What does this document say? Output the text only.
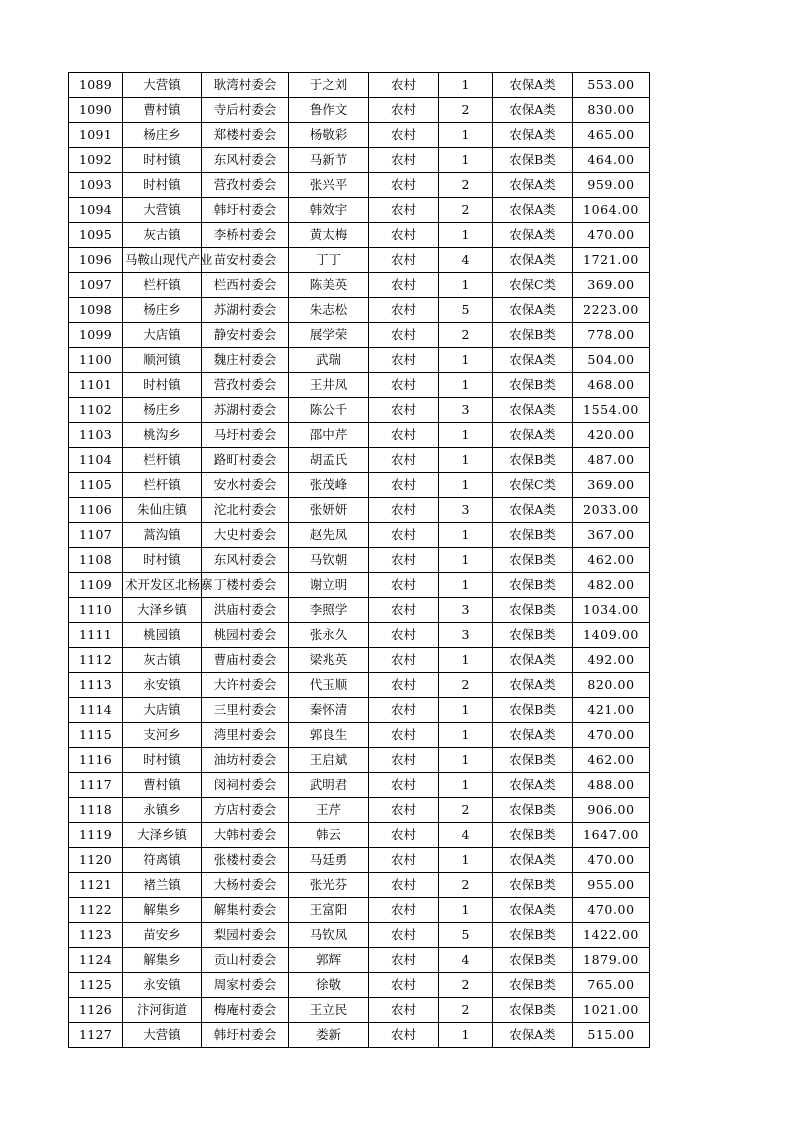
1089	大营镇	耿湾村委会	于之刘	农村	1	农保A类	553.00
1090	曹村镇	寺后村委会	鲁作文	农村	2	农保A类	830.00
1091	杨庄乡	郑楼村委会	杨敬彩	农村	1	农保A类	465.00
1092	时村镇	东风村委会	马新节	农村	1	农保B类	464.00
1093	时村镇	营孜村委会	张兴平	农村	2	农保A类	959.00
1094	大营镇	韩圩村委会	韩效宇	农村	2	农保A类	1064.00
1095	灰古镇	李桥村委会	黄太梅	农村	1	农保A类	470.00
1096	马鞍山现代产业	苗安村委会	丁丁	农村	4	农保A类	1721.00
1097	栏杆镇	栏西村委会	陈美英	农村	1	农保C类	369.00
1098	杨庄乡	苏湖村委会	朱志松	农村	5	农保A类	2223.00
1099	大店镇	静安村委会	展学荣	农村	2	农保B类	778.00
1100	顺河镇	魏庄村委会	武瑞	农村	1	农保A类	504.00
1101	时村镇	营孜村委会	王井凤	农村	1	农保B类	468.00
1102	杨庄乡	苏湖村委会	陈公千	农村	3	农保A类	1554.00
1103	桃沟乡	马圩村委会	邵中芹	农村	1	农保A类	420.00
1104	栏杆镇	路町村委会	胡孟氏	农村	1	农保B类	487.00
1105	栏杆镇	安水村委会	张茂峰	农村	1	农保C类	369.00
1106	朱仙庄镇	沱北村委会	张妍妍	农村	3	农保A类	2033.00
1107	蒿沟镇	大史村委会	赵先凤	农村	1	农保B类	367.00
1108	时村镇	东风村委会	马钦朝	农村	1	农保B类	462.00
1109	术开发区北杨寨	丁楼村委会	谢立明	农村	1	农保B类	482.00
1110	大泽乡镇	洪庙村委会	李照学	农村	3	农保B类	1034.00
1111	桃园镇	桃园村委会	张永久	农村	3	农保B类	1409.00
1112	灰古镇	曹庙村委会	梁兆英	农村	1	农保A类	492.00
1113	永安镇	大许村委会	代玉顺	农村	2	农保A类	820.00
1114	大店镇	三里村委会	秦怀清	农村	1	农保B类	421.00
1115	支河乡	湾里村委会	郭良生	农村	1	农保A类	470.00
1116	时村镇	油坊村委会	王启斌	农村	1	农保B类	462.00
1117	曹村镇	闵祠村委会	武明君	农村	1	农保A类	488.00
1118	永镇乡	方店村委会	王芹	农村	2	农保B类	906.00
1119	大泽乡镇	大韩村委会	韩云	农村	4	农保B类	1647.00
1120	符离镇	张楼村委会	马廷勇	农村	1	农保A类	470.00
1121	褚兰镇	大杨村委会	张光芬	农村	2	农保B类	955.00
1122	解集乡	解集村委会	王富阳	农村	1	农保A类	470.00
1123	苗安乡	梨园村委会	马钦凤	农村	5	农保B类	1422.00
1124	解集乡	贡山村委会	郭辉	农村	4	农保B类	1879.00
1125	永安镇	周家村委会	徐敬	农村	2	农保B类	765.00
1126	汴河街道	梅庵村委会	王立民	农村	2	农保B类	1021.00
1127	大营镇	韩圩村委会	娄新	农村	1	农保A类	515.00
